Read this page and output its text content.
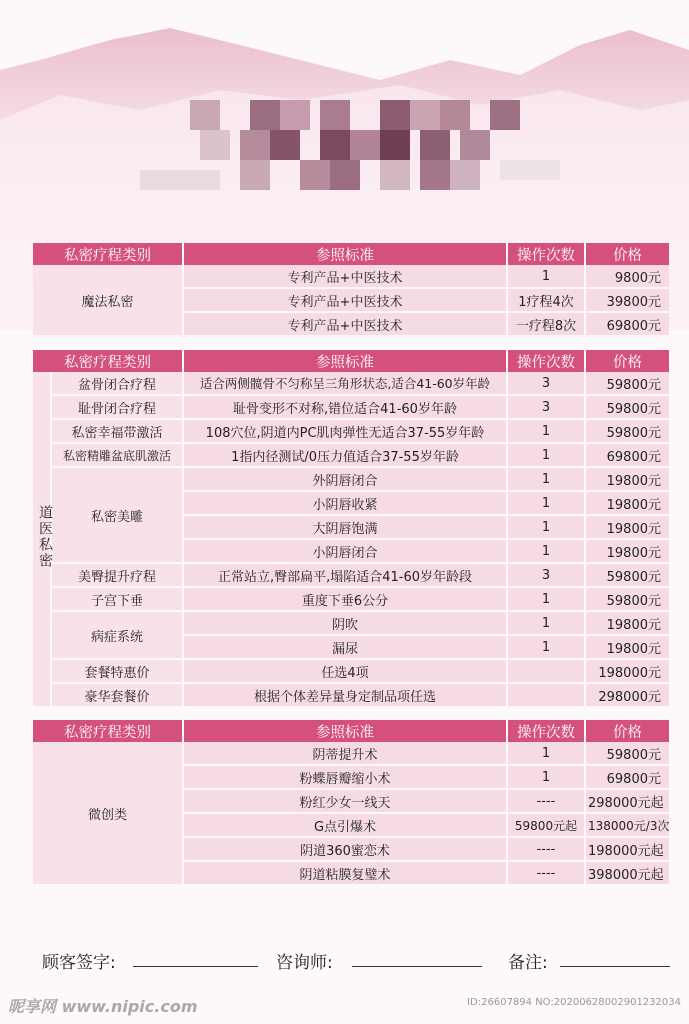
私密疗程类别	参照标准	操作次数	价格
魔法私密	专利产品+中医技术	1	9800元
	专利产品+中医技术	1疗程4次	39800元
	专利产品+中医技术	一疗程8次	69800元
私密疗程类别		参照标准	操作次数	价格
道医私密	盆骨闭合疗程	适合两侧髋骨不匀称呈三角形状态,适合41-60岁年龄	3	59800元
	耻骨闭合疗程	耻骨变形不对称,错位适合41-60岁年龄	3	59800元
	私密幸福带激活	108穴位,阴道内PC肌肉弹性无适合37-55岁年龄	1	59800元
	私密精雕盆底肌激活	1指内径测试/0压力值适合37-55岁年龄	1	69800元
	私密美雕	外阴唇闭合	1	19800元
		小阴唇收紧	1	19800元
		大阴唇饱满	1	19800元
		小阴唇闭合	1	19800元
	美臀提升疗程	正常站立,臀部扁平,塌陷适合41-60岁年龄段	3	59800元
	子宫下垂	重度下垂6公分	1	59800元
	病症系统	阴吹	1	19800元
		漏尿	1	19800元
	套餐特惠价	任选4项		198000元
	豪华套餐价	根据个体差异量身定制品项任选		298000元
私密疗程类别	参照标准	操作次数	价格
微创类	阴蒂提升术	1	59800元
	粉蝶唇瓣缩小术	1	69800元
	粉红少女一线天	----	298000元起
	G点引爆术	59800元起	138000元/3次
	阴道360蜜恋术	----	198000元起
	阴道粘膜复璧术	----	398000元起
顾客签字:	咨询师:	备注:
昵享网 www.nipic.com	ID:26607894 NO:20200628002901232034
